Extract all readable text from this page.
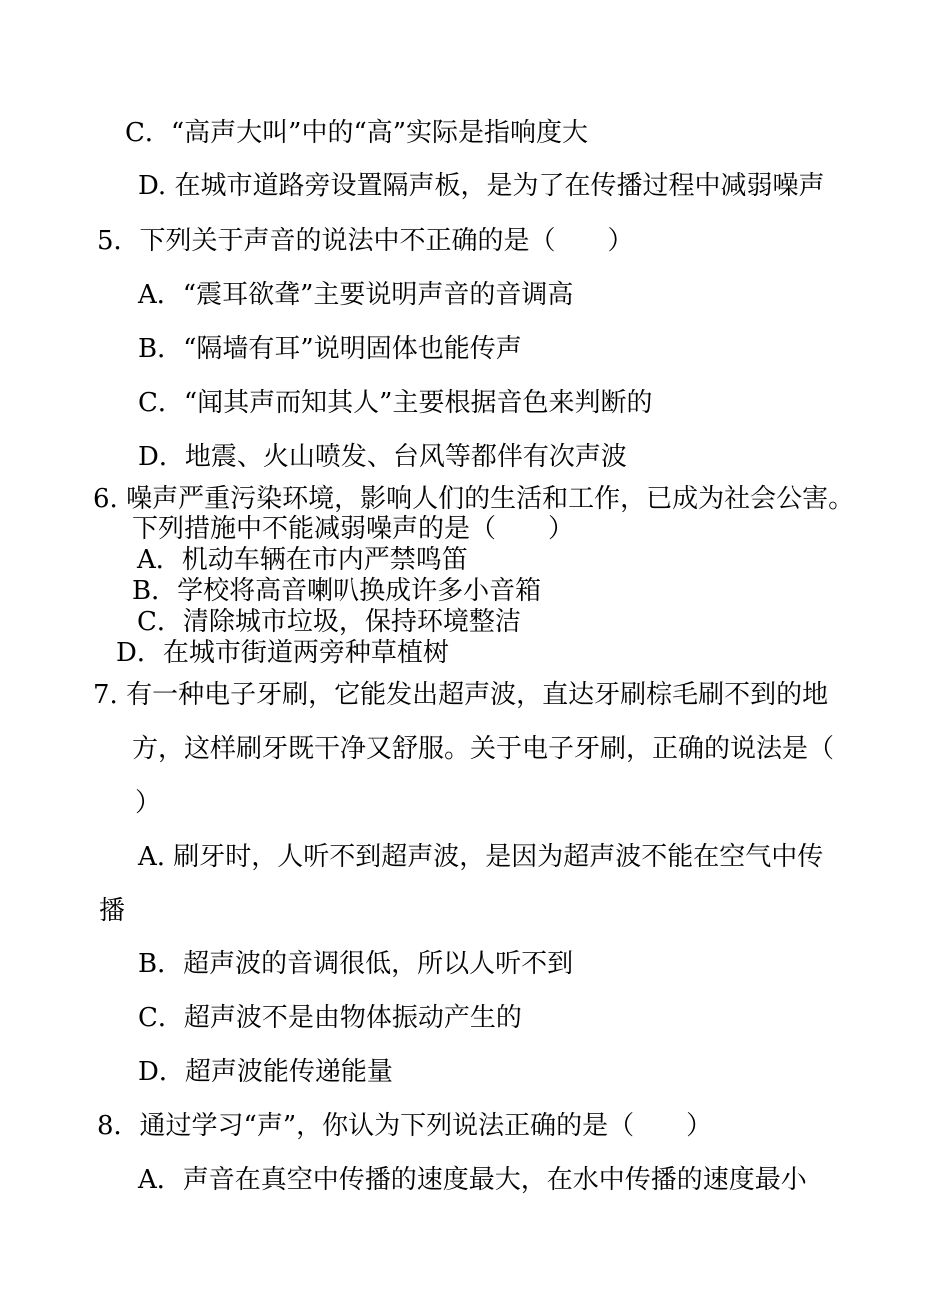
C．“高声大叫”中的“高”实际是指响度大
D. 在城市道路旁设置隔声板，是为了在传播过程中减弱噪声
5．下列关于声音的说法中不正确的是（　　）
A．“震耳欲聋”主要说明声音的音调高
B．“隔墙有耳”说明固体也能传声
C．“闻其声而知其人”主要根据音色来判断的
D．地震、火山喷发、台风等都伴有次声波
6. 噪声严重污染环境，影响人们的生活和工作，已成为社会公害。
下列措施中不能减弱噪声的是（　　）
A．机动车辆在市内严禁鸣笛
B．学校将高音喇叭换成许多小音箱
C．清除城市垃圾，保持环境整洁
D．在城市街道两旁种草植树
7. 有一种电子牙刷，它能发出超声波，直达牙刷棕毛刷不到的地
方，这样刷牙既干净又舒服。关于电子牙刷，正确的说法是（
）
A. 刷牙时，人听不到超声波，是因为超声波不能在空气中传
播
B．超声波的音调很低，所以人听不到
C．超声波不是由物体振动产生的
D．超声波能传递能量
8．通过学习“声”，你认为下列说法正确的是（　　）
A．声音在真空中传播的速度最大，在水中传播的速度最小
